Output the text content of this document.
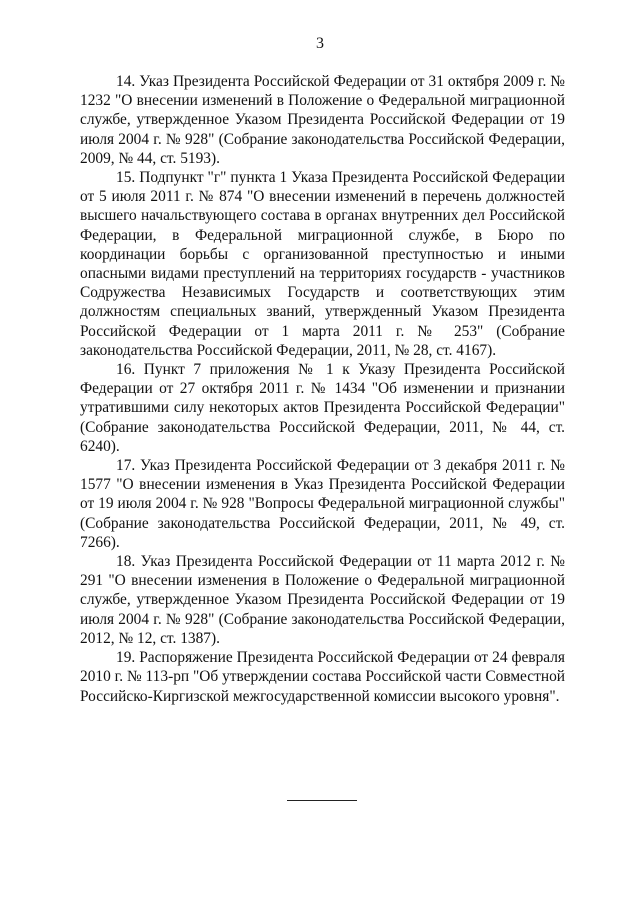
3

14. Указ Президента Российской Федерации от 31 октября 2009 г. № 1232 "О внесении изменений в Положение о Федеральной миграционной службе, утвержденное Указом Президента Российской Федерации от 19 июля 2004 г. № 928" (Собрание законодательства Российской Федерации, 2009, № 44, ст. 5193).

15. Подпункт "г" пункта 1 Указа Президента Российской Федерации от 5 июля 2011 г. № 874 "О внесении изменений в перечень должностей высшего начальствующего состава в органах внутренних дел Российской Федерации, в Федеральной миграционной службе, в Бюро по координации борьбы с организованной преступностью и иными опасными видами преступлений на территориях государств - участников Содружества Независимых Государств и соответствующих этим должностям специальных званий, утвержденный Указом Президента Российской Федерации от 1 марта 2011 г. № 253" (Собрание законодательства Российской Федерации, 2011, № 28, ст. 4167).

16. Пункт 7 приложения № 1 к Указу Президента Российской Федерации от 27 октября 2011 г. № 1434 "Об изменении и признании утратившими силу некоторых актов Президента Российской Федерации" (Собрание законодательства Российской Федерации, 2011, № 44, ст. 6240).

17. Указ Президента Российской Федерации от 3 декабря 2011 г. № 1577 "О внесении изменения в Указ Президента Российской Федерации от 19 июля 2004 г. № 928 "Вопросы Федеральной миграционной службы" (Собрание законодательства Российской Федерации, 2011, № 49, ст. 7266).

18. Указ Президента Российской Федерации от 11 марта 2012 г. № 291 "О внесении изменения в Положение о Федеральной миграционной службе, утвержденное Указом Президента Российской Федерации от 19 июля 2004 г. № 928" (Собрание законодательства Российской Федерации, 2012, № 12, ст. 1387).

19. Распоряжение Президента Российской Федерации от 24 февраля 2010 г. № 113-рп "Об утверждении состава Российской части Совместной Российско-Киргизской межгосударственной комиссии высокого уровня".
